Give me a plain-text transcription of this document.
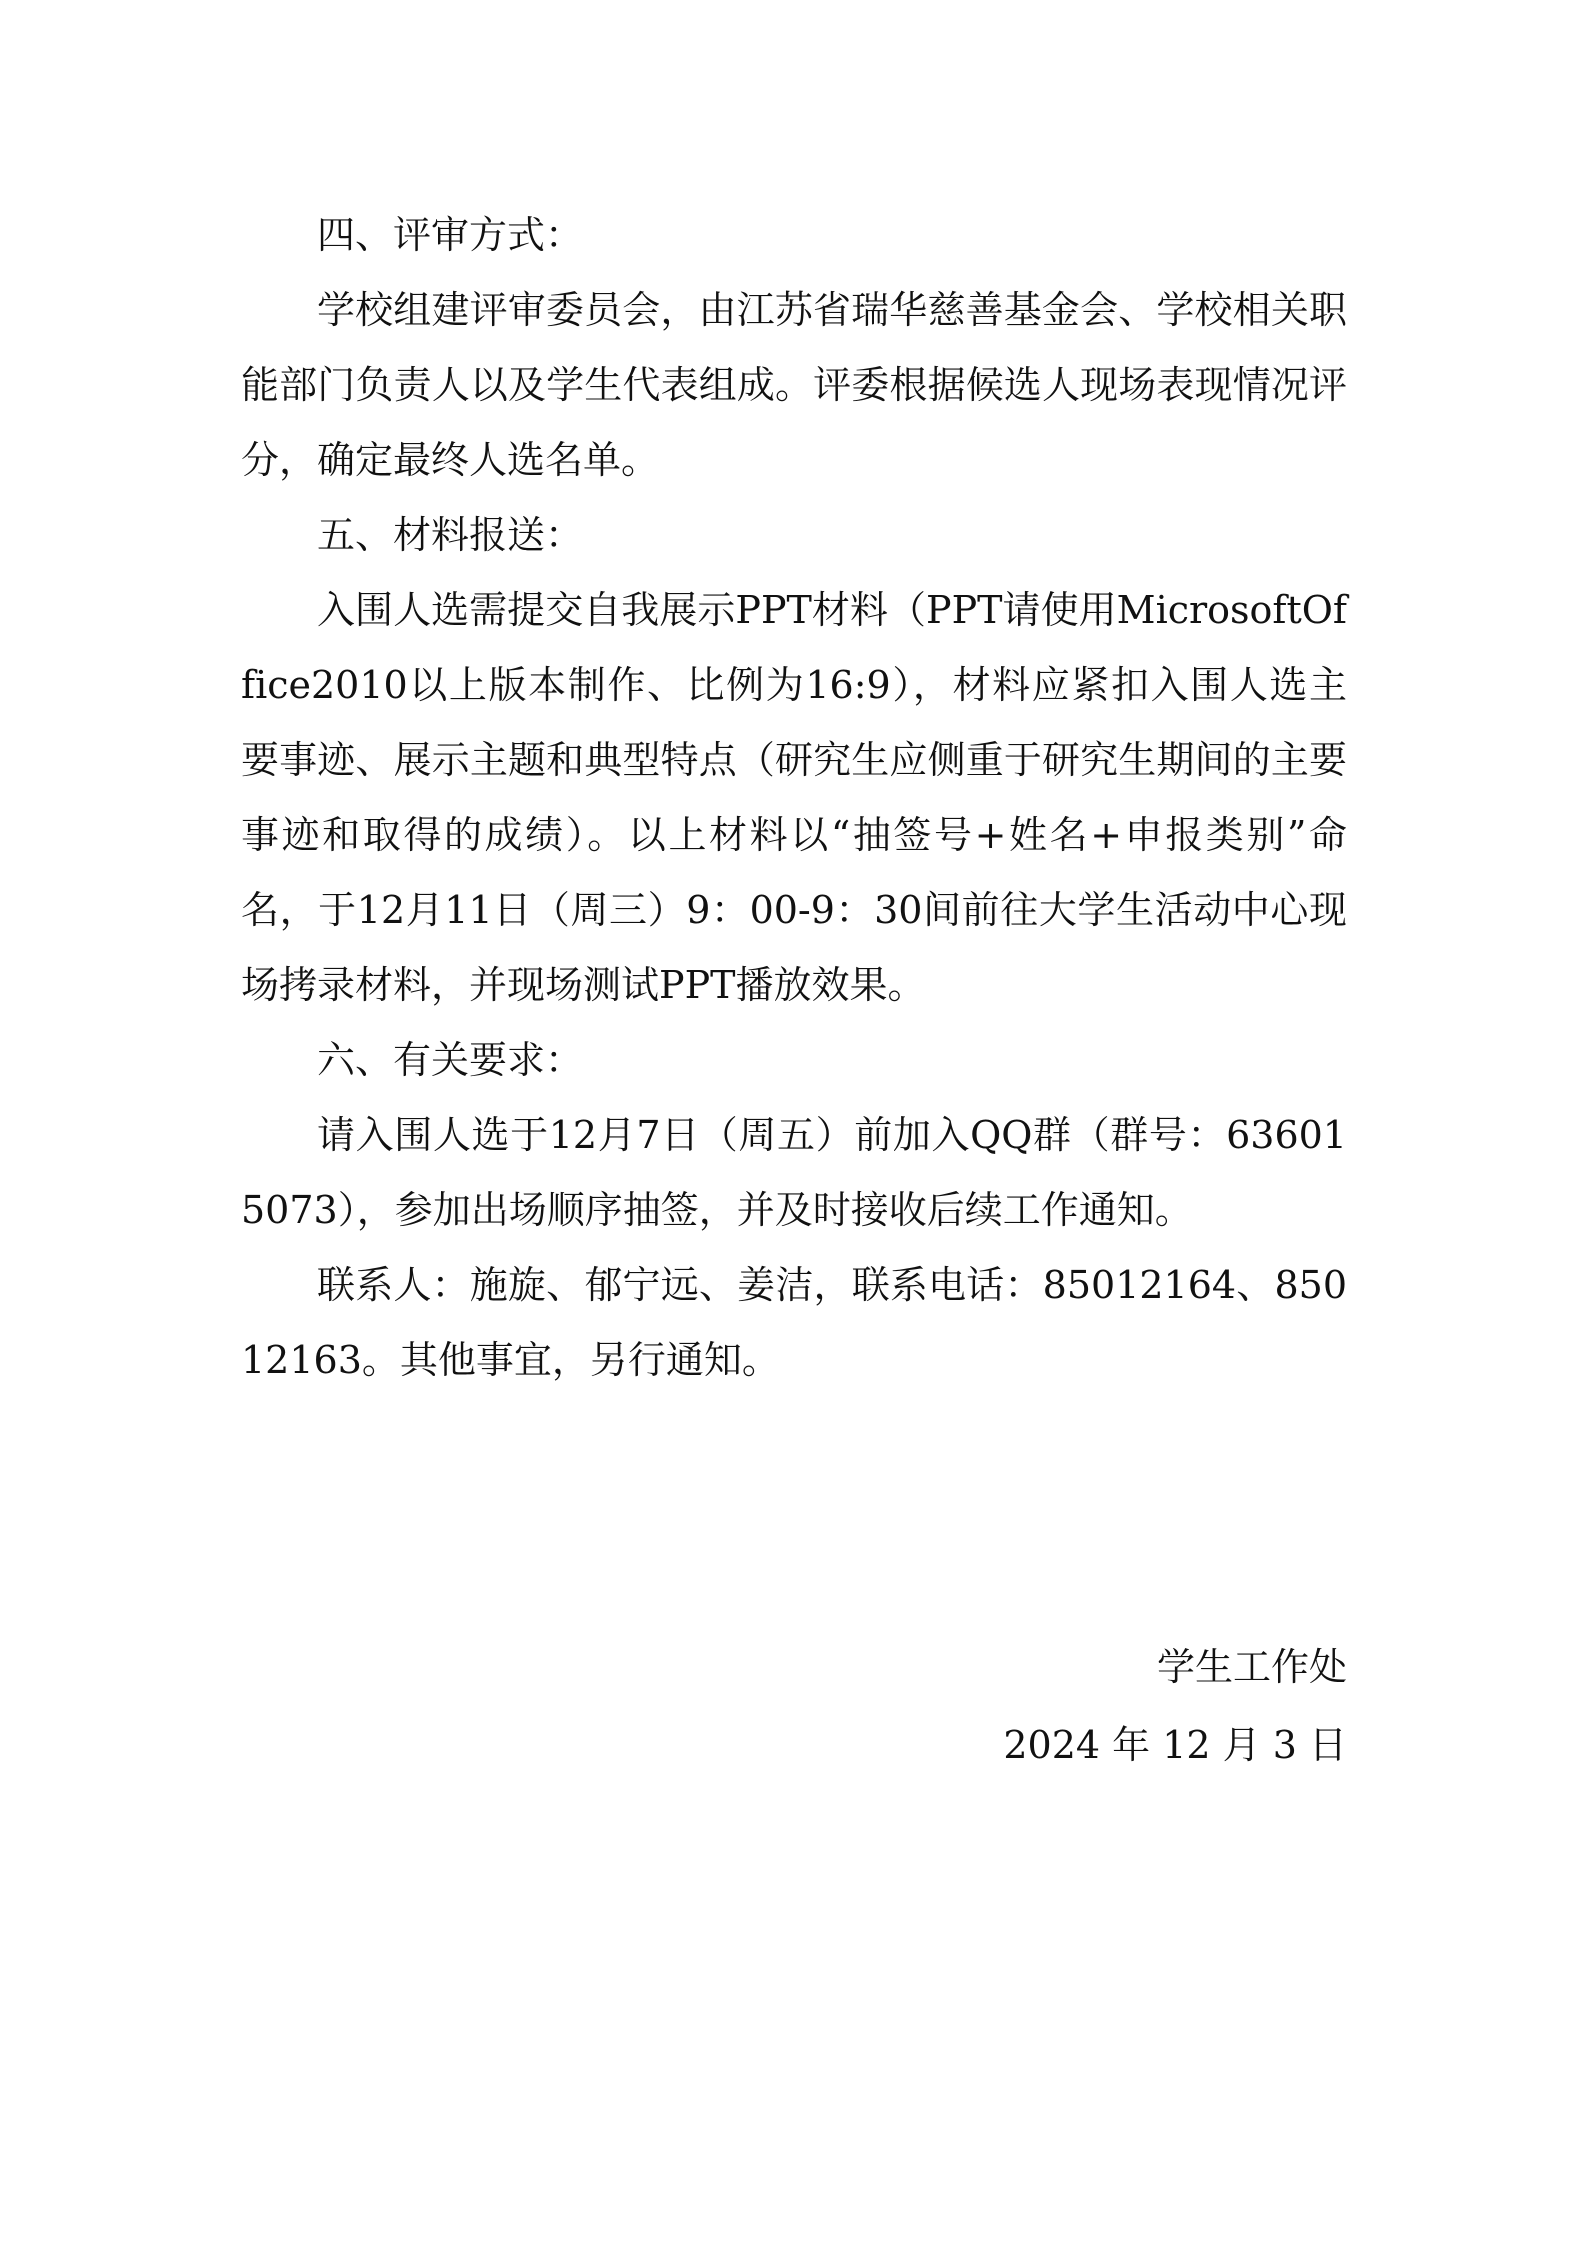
四、评审方式：

学校组建评审委员会，由江苏省瑞华慈善基金会、学校相关职能部门负责人以及学生代表组成。评委根据候选人现场表现情况评分，确定最终人选名单。

五、材料报送：

入围人选需提交自我展示PPT材料（PPT请使用MicrosoftOffice2010以上版本制作、比例为16:9），材料应紧扣入围人选主要事迹、展示主题和典型特点（研究生应侧重于研究生期间的主要事迹和取得的成绩）。以上材料以“抽签号+姓名+申报类别”命名，于12月11日（周三）9：00-9：30间前往大学生活动中心现场拷录材料，并现场测试PPT播放效果。

六、有关要求：

请入围人选于12月7日（周五）前加入QQ群（群号：636015073），参加出场顺序抽签，并及时接收后续工作通知。

联系人：施旋、郁宁远、姜洁，联系电话：85012164、85012163。其他事宜，另行通知。

学生工作处
2024 年 12 月 3 日
